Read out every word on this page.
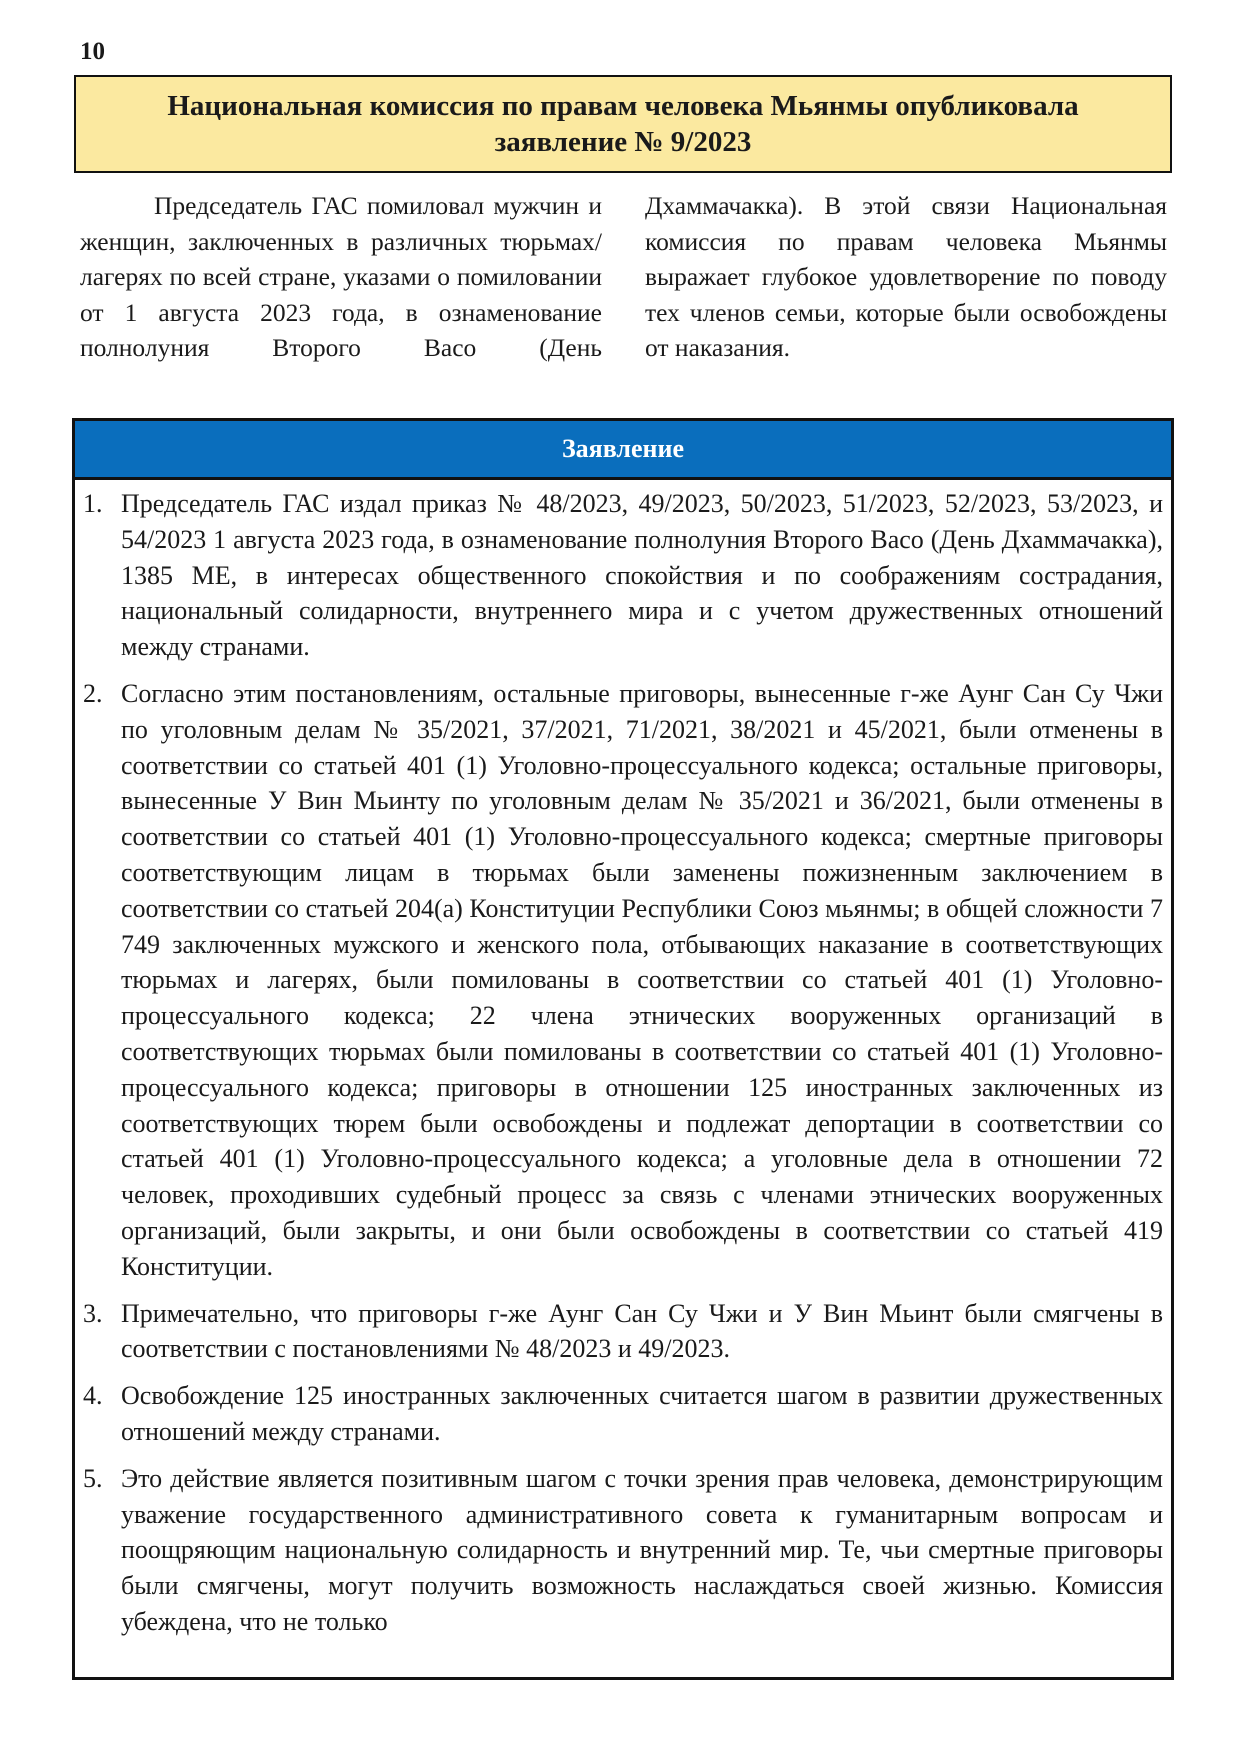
10
Национальная комиссия по правам человека Мьянмы опубликовала
заявление № 9/2023
Председатель ГАС помиловал мужчин и женщин, заключенных в различных тюрьмах/лагерях по всей стране, указами о помиловании от 1 августа 2023 года, в ознаменование полнолуния Второго Васо (День
Дхаммачакка). В этой связи Национальная комиссия по правам человека Мьянмы выражает глубокое удовлетворение по поводу тех членов семьи, которые были освобождены от наказания.
Заявление
1. Председатель ГАС издал приказ № 48/2023, 49/2023, 50/2023, 51/2023, 52/2023, 53/2023, и 54/2023 1 августа 2023 года, в ознаменование полнолуния Второго Васо (День Дхаммачакка), 1385 МЕ, в интересах общественного спокойствия и по соображениям сострадания, национальный солидарности, внутреннего мира и с учетом дружественных отношений между странами.
2. Согласно этим постановлениям, остальные приговоры, вынесенные г-же Аунг Сан Су Чжи по уголовным делам № 35/2021, 37/2021, 71/2021, 38/2021 и 45/2021, были отменены в соответствии со статьей 401 (1) Уголовно-процессуального кодекса; остальные приговоры, вынесенные У Вин Мьинту по уголовным делам № 35/2021 и 36/2021, были отменены в соответствии со статьей 401 (1) Уголовно-процессуального кодекса; смертные приговоры соответствующим лицам в тюрьмах были заменены пожизненным заключением в соответствии со статьей 204(а) Конституции Республики Союз мьянмы; в общей сложности 7 749 заключенных мужского и женского пола, отбывающих наказание в соответствующих тюрьмах и лагерях, были помилованы в соответствии со статьей 401 (1) Уголовно-процессуального кодекса; 22 члена этнических вооруженных организаций в соответствующих тюрьмах были помилованы в соответствии со статьей 401 (1) Уголовно-процессуального кодекса; приговоры в отношении 125 иностранных заключенных из соответствующих тюрем были освобождены и подлежат депортации в соответствии со статьей 401 (1) Уголовно-процессуального кодекса; а уголовные дела в отношении 72 человек, проходивших судебный процесс за связь с членами этнических вооруженных организаций, были закрыты, и они были освобождены в соответствии со статьей 419 Конституции.
3. Примечательно, что приговоры г-же Аунг Сан Су Чжи и У Вин Мьинт были смягчены в соответствии с постановлениями № 48/2023 и 49/2023.
4. Освобождение 125 иностранных заключенных считается шагом в развитии дружественных отношений между странами.
5. Это действие является позитивным шагом с точки зрения прав человека, демонстрирующим уважение государственного административного совета к гуманитарным вопросам и поощряющим национальную солидарность и внутренний мир. Те, чьи смертные приговоры были смягчены, могут получить возможность наслаждаться своей жизнью. Комиссия убеждена, что не только
